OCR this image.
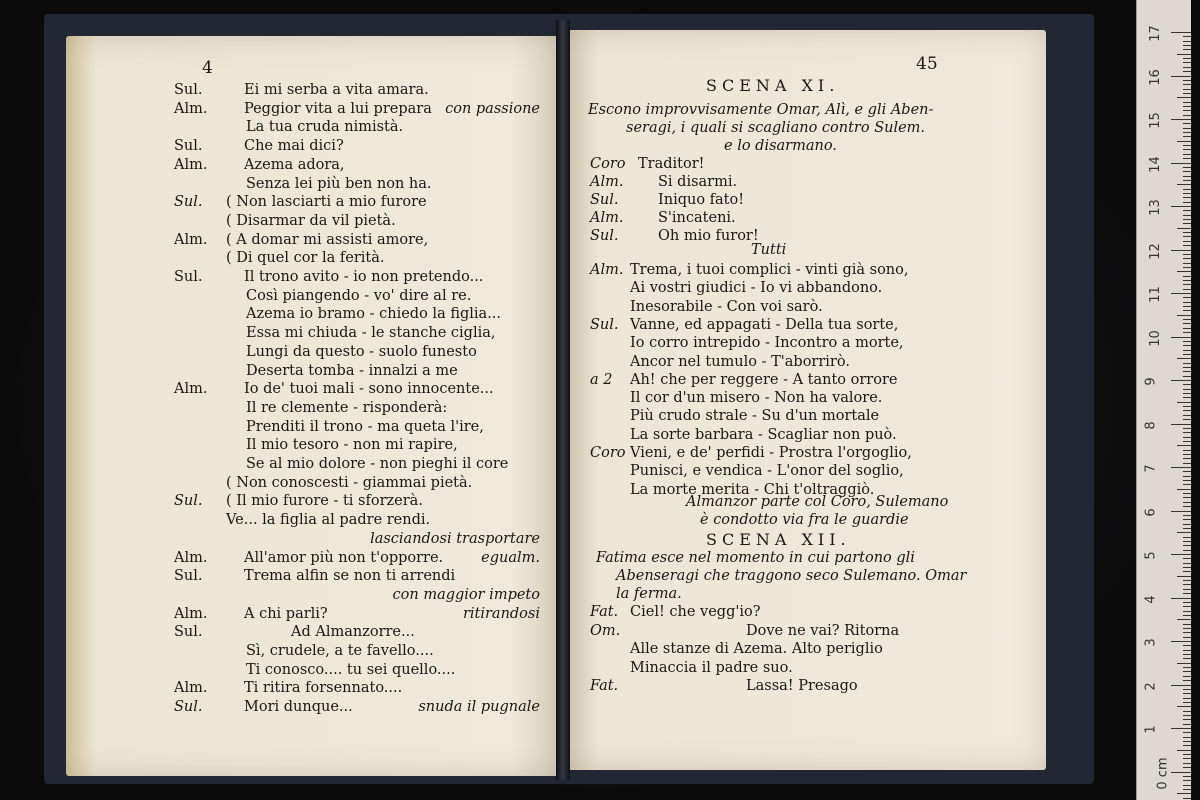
4
Sul.	Ei mi serba a vita amara.
Alm.	Peggior vita a lui prepara con passione
La tua cruda nimistà.
Sul.	Che mai dici?
Alm.	Azema adora,
Senza lei più ben non ha.
Sul. ( Non lasciarti a mio furore
( Disarmar da vil pietà.
Alm. ( A domar mi assisti amore,
( Di quel cor la ferità.
Sul.	Il trono avito - io non pretendo...
Così piangendo - vo' dire al re.
Azema io bramo - chiedo la figlia...
Essa mi chiuda - le stanche ciglia,
Lungi da questo - suolo funesto
Deserta tomba - innalzi a me
Alm.	Io de' tuoi mali - sono innocente...
Il re clemente - risponderà:
Prenditi il trono - ma queta l'ire,
Il mio tesoro - non mi rapire,
Se al mio dolore - non pieghi il core
( Non conoscesti - giammai pietà.
Sul. ( Il mio furore - ti sforzerà.
Ve... la figlia al padre rendi.
lasciandosi trasportare
Alm.	All'amor più non t'opporre.	egualm.
Sul.	Trema alfin se non ti arrendi
con maggior impeto
Alm.	A chi parli?	ritirandosi
Sul.	Ad Almanzorre...
Sì, crudele, a te favello....
Ti conosco.... tu sei quello....
Alm.	Ti ritira forsennato....
Sul.	Mori dunque...	snuda il pugnale
45
SCENA XI.
Escono improvvisamente Omar, Alì, e gli Aben-
seragi, i quali si scagliano contro Sulem.
e lo disarmano.
Tutti
Almanzor parte col Coro, Sulemano
è condotto via fra le guardie
SCENA XII.
Fatima esce nel momento in cui partono gli
Abenseragi che traggono seco Sulemano. Omar
la ferma.
Coro Traditor!
Alm. Si disarmi.
Sul.	Iniquo fato!
Alm. S'incateni.
Sul.	Oh mio furor!
Alm. Trema, i tuoi complici - vinti già sono,
Ai vostri giudici - Io vi abbandono.
Inesorabile - Con voi sarò.
Sul. Vanne, ed appagati - Della tua sorte,
Io corro intrepido - Incontro a morte,
Ancor nel tumulo - T'aborrirò.
a 2 Ah! che per reggere - A tanto orrore
Il cor d'un misero - Non ha valore.
Più crudo strale - Su d'un mortale
La sorte barbara - Scagliar non può.
Coro Vieni, e de' perfidi - Prostra l'orgoglio,
Punisci, e vendica - L'onor del soglio,
La morte merita - Chi t'oltraggiò.
Fat. Ciel! che vegg'io?
Om.	Dove ne vai? Ritorna
Alle stanze di Azema. Alto periglio
Minaccia il padre suo.
Fat.	Lassa! Presago
17
16
15
14
13
12
11
10
9
8
7
6
5
4
3
2
1
0 cm
